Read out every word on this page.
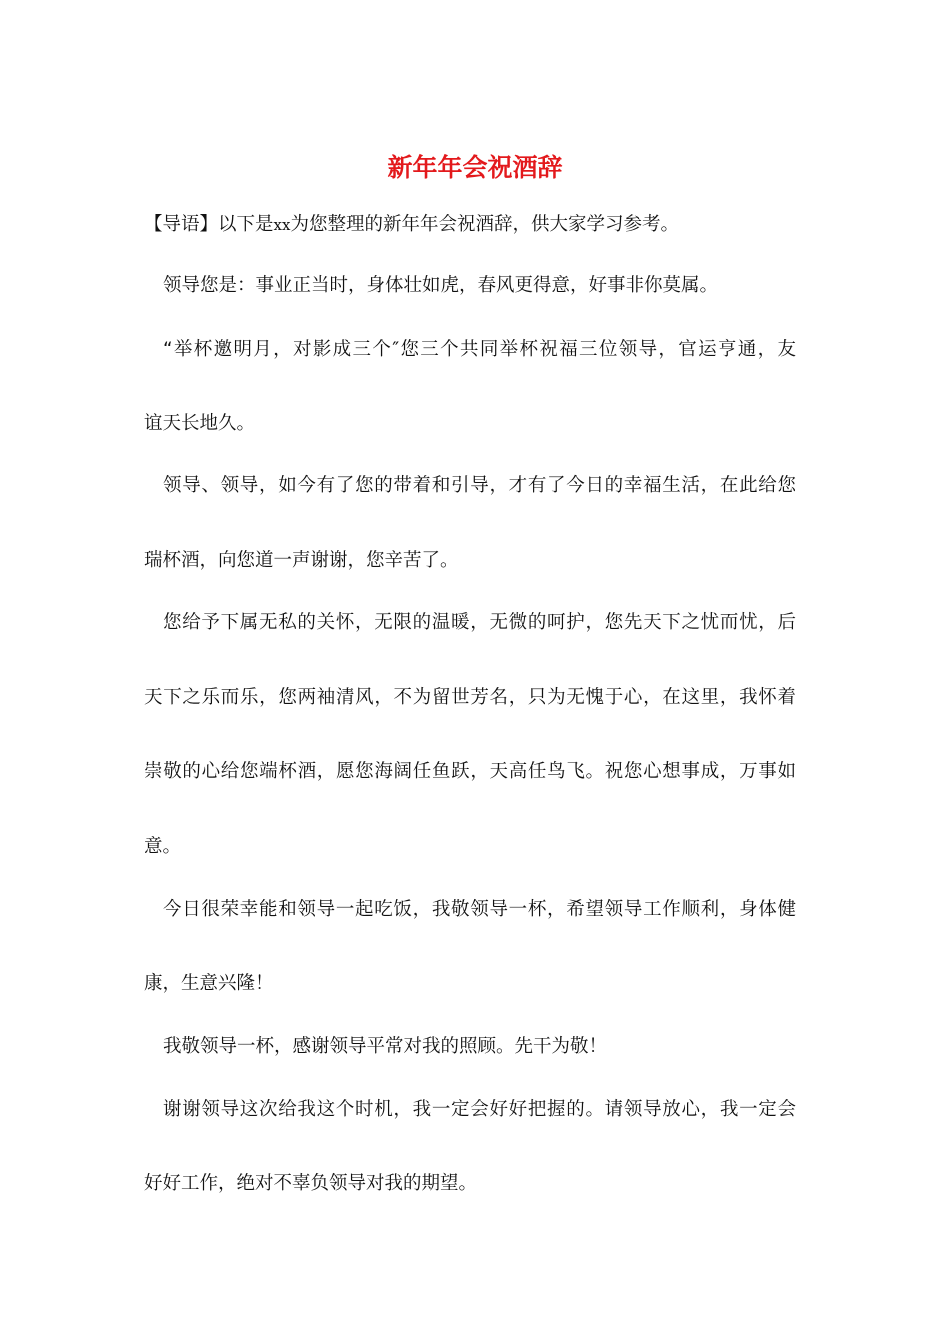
新年年会祝酒辞
【导语】以下是xx为您整理的新年年会祝酒辞，供大家学习参考。
领导您是：事业正当时，身体壮如虎，春风更得意，好事非你莫属。
“举杯邀明月，对影成三个″您三个共同举杯祝福三位领导，官运亨通，友
谊天长地久。
领导、领导，如今有了您的带着和引导，才有了今日的幸福生活，在此给您
瑞杯酒，向您道一声谢谢，您辛苦了。
您给予下属无私的关怀，无限的温暖，无微的呵护，您先天下之忧而忧，后
天下之乐而乐，您两袖清风，不为留世芳名，只为无愧于心，在这里，我怀着
崇敬的心给您端杯酒，愿您海阔任鱼跃，天高任鸟飞。祝您心想事成，万事如
意。
今日很荣幸能和领导一起吃饭，我敬领导一杯，希望领导工作顺利，身体健
康，生意兴隆！
我敬领导一杯，感谢领导平常对我的照顾。先干为敬！
谢谢领导这次给我这个时机，我一定会好好把握的。请领导放心，我一定会
好好工作，绝对不辜负领导对我的期望。
